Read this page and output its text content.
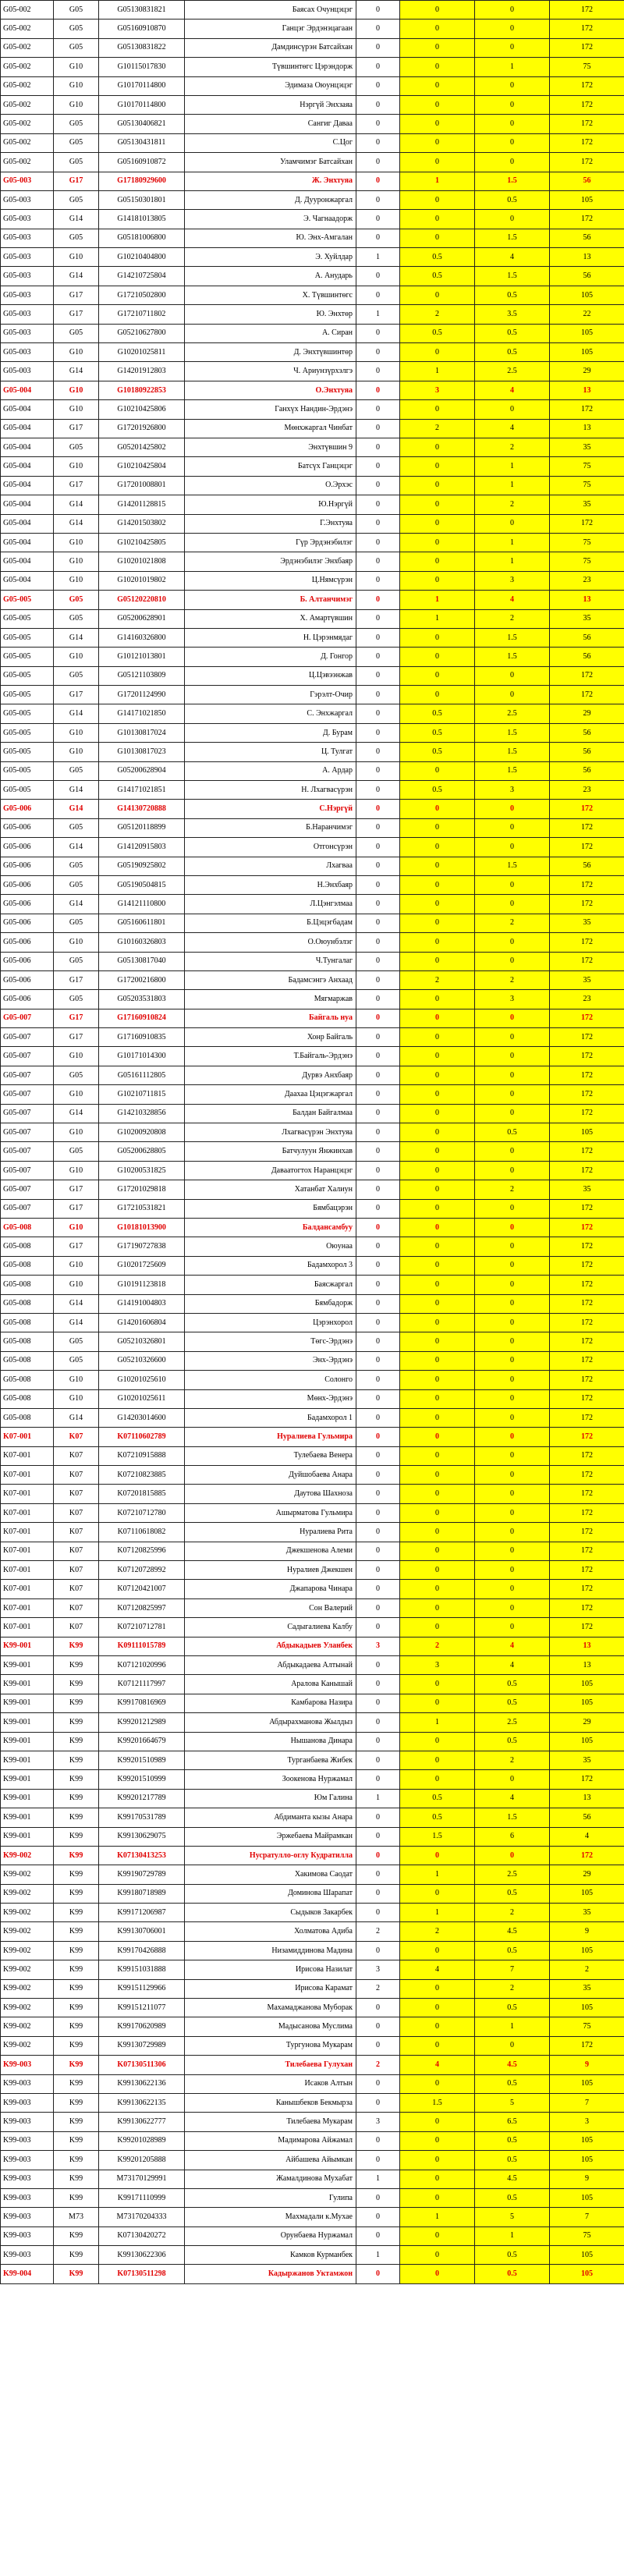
G05-002	G05	G05130831821	Баясах Очунцэцэг	0	0	0	172
G05-002	G05	G05160910870	Ганцэг Эрдэнэцагаан	0	0	0	172
G05-002	G05	G05130831822	Дамдинсүрэн Батсайхан	0	0	0	172
G05-002	G10	G10115017830	Түвшинтөгс Цэрэндорж	0	0	1	75
G05-002	G10	G10170114800	Эдимаза Оюунцэцэг	0	0	0	172
G05-002	G10	G10170114800	Нэргүй Энхзаяа	0	0	0	172
G05-002	G05	G05130406821	Сангиг Даваа	0	0	0	172
G05-002	G05	G05130431811	С.Цог	0	0	0	172
G05-002	G05	G05160910872	Уламчимэг Батсайхан	0	0	0	172
G05-003	G17	G17180929600	Ж. Энхтуяа	0	1	1.5	56
G05-003	G05	G05150301801	Д. Дууронжаргал	0	0	0.5	105
G05-003	G14	G14181013805	Э. Чагнаадорж	0	0	0	172
G05-003	G05	G05181006800	Ю. Энх-Амгалан	0	0	1.5	56
G05-003	G10	G10210404800	Э. Хуйлдар	1	0.5	4	13
G05-003	G14	G14210725804	А. Анударь	0	0.5	1.5	56
G05-003	G17	G17210502800	Х. Түвшинтөгс	0	0	0.5	105
G05-003	G17	G17210711802	Ю. Энхтөр	1	2	3.5	22
G05-003	G05	G05210627800	А. Сиран	0	0.5	0.5	105
G05-003	G10	G10201025811	Д. Энхтүвшинтөр	0	0	0.5	105
G05-003	G14	G14201912803	Ч. Ариунзүрхэлгэ	0	1	2.5	29
G05-004	G10	G10180922853	О.Энхтуяа	0	3	4	13
G05-004	G10	G10210425806	Ганхүх Нандин-Эрдэнэ	0	0	0	172
G05-004	G17	G17201926800	Мөнхжаргал Чинбат	0	2	4	13
G05-004	G05	G05201425802	Энхтүвшин 9	0	0	2	35
G05-004	G10	G10210425804	Батсүх Ганцэцэг	0	0	1	75
G05-004	G17	G17201008801	О.Эрхэс	0	0	1	75
G05-004	G14	G14201128815	Ю.Нэргүй	0	0	2	35
G05-004	G14	G14201503802	Г.Энхтуяа	0	0	0	172
G05-004	G10	G10210425805	Гүр Эрдэнэбилэг	0	0	1	75
G05-004	G10	G10201021808	Эрдэнэбилэг Энхбаяр	0	0	1	75
G05-004	G10	G10201019802	Ц.Нямсүрэн	0	0	3	23
G05-005	G05	G05120220810	Б. Алтанчимэг	0	1	4	13
G05-005	G05	G05200628901	Х. Амартүвшин	0	1	2	35
G05-005	G14	G14160326800	Н. Цэрэнмядаг	0	0	1.5	56
G05-005	G10	G10121013801	Д. Гонгор	0	0	1.5	56
G05-005	G05	G05121103809	Ц.Цэвээнжав	0	0	0	172
G05-005	G17	G17201124990	Гэрэлт-Очир	0	0	0	172
G05-005	G14	G14171021850	С. Энхжаргал	0	0.5	2.5	29
G05-005	G10	G10130817024	Д. Бурам	0	0.5	1.5	56
G05-005	G10	G10130817023	Ц. Тулгат	0	0.5	1.5	56
G05-005	G05	G05200628904	А. Ардар	0	0	1.5	56
G05-005	G14	G14171021851	Н. Лхагвасүрэн	0	0.5	3	23
G05-006	G14	G14130720888	С.Нэргүй	0	0	0	172
G05-006	G05	G05120118899	Б.Наранчимэг	0	0	0	172
G05-006	G14	G14120915803	Отгонсүрэн	0	0	0	172
G05-006	G05	G05190925802	Лхагваа	0	0	1.5	56
G05-006	G05	G05190504815	Н.Энхбаяр	0	0	0	172
G05-006	G14	G14121110800	Л.Цэнгэлмаа	0	0	0	172
G05-006	G05	G05160611801	Б.Цэцэгбадам	0	0	2	35
G05-006	G10	G10160326803	О.Оюунбэлэг	0	0	0	172
G05-006	G05	G05130817040	Ч.Тунгалаг	0	0	0	172
G05-006	G17	G17200216800	Бадамсэнгэ Анхаад	0	2	2	35
G05-006	G05	G05203531803	Мягмаржав	0	0	3	23
G05-007	G17	G17160910824	Байгаль нуа	0	0	0	172
G05-007	G17	G17160910835	Хонр Байгаль	0	0	0	172
G05-007	G10	G10171014300	Т.Байгаль-Эрдэнэ	0	0	0	172
G05-007	G05	G05161112805	Дурвэ Анхбаяр	0	0	0	172
G05-007	G10	G10210711815	Даахаа Цэцэгжаргал	0	0	0	172
G05-007	G14	G14210328856	Балдан Байгалмаа	0	0	0	172
G05-007	G10	G10200920808	Лхагвасүрэн Энхтуяа	0	0	0.5	105
G05-007	G05	G05200628805	Батчулуун Янжинхав	0	0	0	172
G05-007	G10	G10200531825	Даваатогтох Наранцэцэг	0	0	0	172
G05-007	G17	G17201029818	Хатанбат Халиун	0	0	2	35
G05-007	G17	G17210531821	Бямбацэрэн	0	0	0	172
G05-008	G10	G10181013900	Балдансамбуу	0	0	0	172
G05-008	G17	G17190727838	Оюунаа	0	0	0	172
G05-008	G10	G10201725609	Бадамхорол 3	0	0	0	172
G05-008	G10	G10191123818	Баясжаргал	0	0	0	172
G05-008	G14	G14191004803	Бямбадорж	0	0	0	172
G05-008	G14	G14201606804	Цэрэнхорол	0	0	0	172
G05-008	G05	G05210326801	Төгс-Эрдэнэ	0	0	0	172
G05-008	G05	G05210326600	Энх-Эрдэнэ	0	0	0	172
G05-008	G10	G10201025610	Солонго	0	0	0	172
G05-008	G10	G10201025611	Мөнх-Эрдэнэ	0	0	0	172
G05-008	G14	G14203014600	Бадамхорол 1	0	0	0	172
K07-001	K07	K07110602789	Нуралиева Гульмира	0	0	0	172
K07-001	K07	K07210915888	Тулебаева Венера	0	0	0	172
K07-001	K07	K07210823885	Дуйшобаева Анара	0	0	0	172
K07-001	K07	K07201815885	Даутова Шахноза	0	0	0	172
K07-001	K07	K07210712780	Ашырматова Гульмира	0	0	0	172
K07-001	K07	K07110618082	Нуралиева Рита	0	0	0	172
K07-001	K07	K07120825996	Джекшенова Алеми	0	0	0	172
K07-001	K07	K07120728992	Нуралиев Джекшен	0	0	0	172
K07-001	K07	K07120421007	Джапарова Чинара	0	0	0	172
K07-001	K07	K07120825997	Сон Валерий	0	0	0	172
K07-001	K07	K07210712781	Садыгалиева Калбу	0	0	0	172
K99-001	K99	K09111015789	Абдыкадыев Уланбек	3	2	4	13
K99-001	K99	K07121020996	Абдыкадаева Алтынай	0	3	4	13
K99-001	K99	K07121117997	Аралова Канышай	0	0	0.5	105
K99-001	K99	K99170816969	Камбарова Назира	0	0	0.5	105
K99-001	K99	K99201212989	Абдырахманова Жылдыз	0	1	2.5	29
K99-001	K99	K99201664679	Нышанова Динара	0	0	0.5	105
K99-001	K99	K99201510989	Турганбаева Жибек	0	0	2	35
K99-001	K99	K99201510999	Зоокенова Нуржамал	0	0	0	172
K99-001	K99	K99201217789	Юм Галина	1	0.5	4	13
K99-001	K99	K99170531789	Абдиманта кызы Анара	0	0.5	1.5	56
K99-001	K99	K99130629075	Эржебаева Майрамкан	0	1.5	6	4
K99-002	K99	K07130413253	Нусратулло-оглу Кудратилла	0	0	0	172
K99-002	K99	K99190729789	Хакимова Саодат	0	1	2.5	29
K99-002	K99	K99180718989	Доминова Шарапат	0	0	0.5	105
K99-002	K99	K99171206987	Сыдыков Закарбек	0	1	2	35
K99-002	K99	K99130706001	Холматова Адиба	2	2	4.5	9
K99-002	K99	K99170426888	Низамиддинова Мадина	0	0	0.5	105
K99-002	K99	K99151031888	Ирисова Назилат	3	4	7	2
K99-002	K99	K99151129966	Ирисова Карамат	2	0	2	35
K99-002	K99	K99151211077	Махамаджанова Муборак	0	0	0.5	105
K99-002	K99	K99170620989	Мадысанова Муслима	0	0	1	75
K99-002	K99	K99130729989	Тургунова Мукарам	0	0	0	172
K99-003	K99	K07130511306	Тилебаева Гулухан	2	4	4.5	9
K99-003	K99	K99130622136	Исаков Алтын	0	0	0.5	105
K99-003	K99	K99130622135	Канышбеков Бекмырза	0	1.5	5	7
K99-003	K99	K99130622777	Тилебаева Мукарам	3	0	6.5	3
K99-003	K99	K99201028989	Мадимарова Айжамал	0	0	0.5	105
K99-003	K99	K99201205888	Айбашева Айымкан	0	0	0.5	105
K99-003	K99	M73170129991	Жамалдинова Мухабат	1	0	4.5	9
K99-003	K99	K99171110999	Гулипа	0	0	0.5	105
K99-003	M73	M73170204333	Махмадали к.Мухае	0	1	5	7
K99-003	K99	K07130420272	Орунбаева Нуржамал	0	0	1	75
K99-003	K99	K99130622306	Камков Курманбек	1	0	0.5	105
K99-004	K99	K07130511298	Кадыржанов Уктамжон	0	0	0.5	105
